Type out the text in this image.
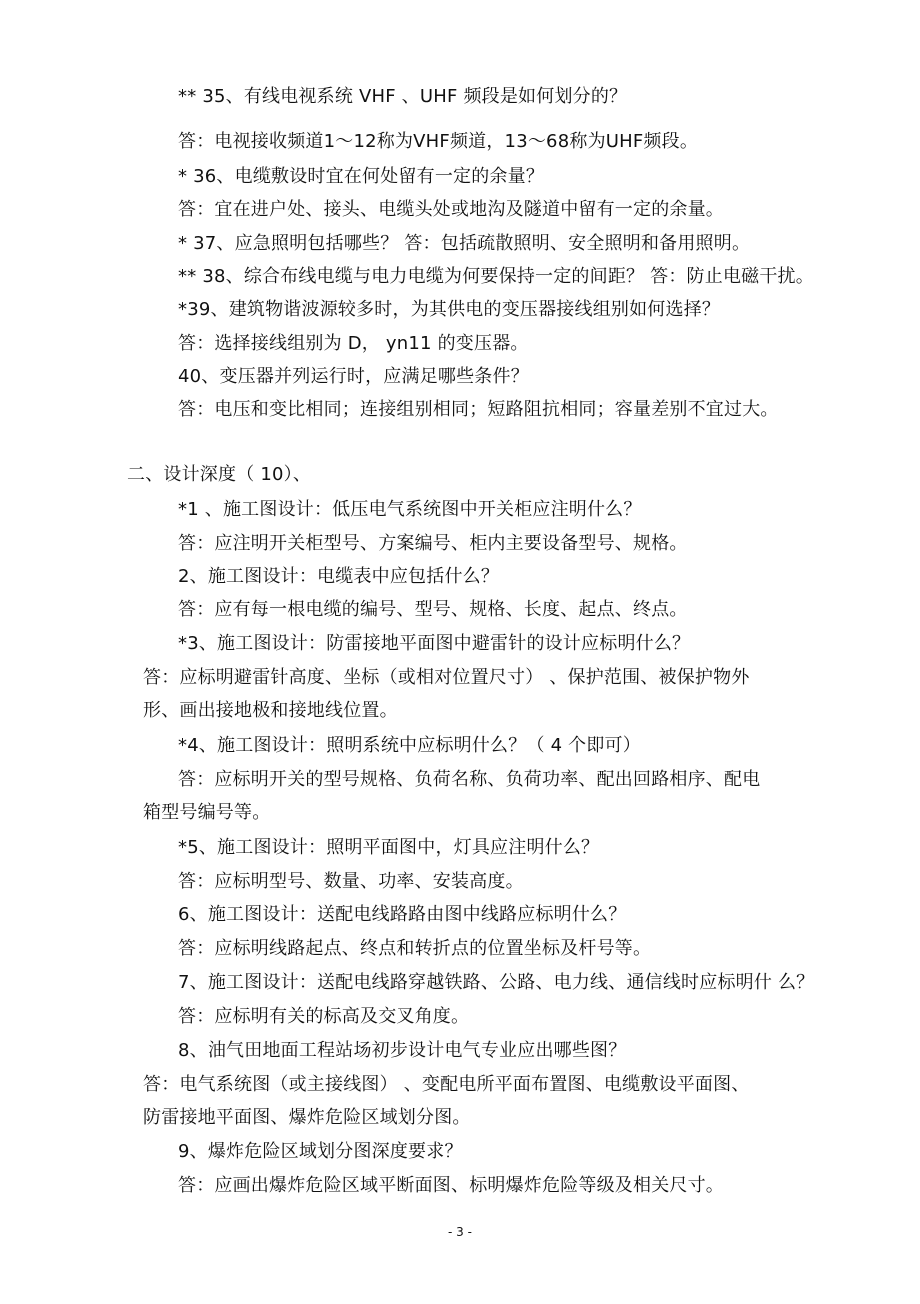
** 35、有线电视系统 VHF 、UHF 频段是如何划分的？
答：电视接收频道1～12称为VHF频道，13～68称为UHF频段。
* 36、电缆敷设时宜在何处留有一定的余量？
答：宜在进户处、接头、电缆头处或地沟及隧道中留有一定的余量。
* 37、应急照明包括哪些？ 答：包括疏散照明、安全照明和备用照明。
** 38、综合布线电缆与电力电缆为何要保持一定的间距？ 答：防止电磁干扰。
*39、建筑物谐波源较多时，为其供电的变压器接线组别如何选择？
答：选择接线组别为 D， yn11 的变压器。
40、变压器并列运行时，应满足哪些条件？
答：电压和变比相同；连接组别相同；短路阻抗相同；容量差别不宜过大。
二、设计深度（ 10）、
*1 、施工图设计：低压电气系统图中开关柜应注明什么？
答：应注明开关柜型号、方案编号、柜内主要设备型号、规格。
2、施工图设计：电缆表中应包括什么？
答：应有每一根电缆的编号、型号、规格、长度、起点、终点。
*3、施工图设计：防雷接地平面图中避雷针的设计应标明什么？
答：应标明避雷针高度、坐标（或相对位置尺寸） 、保护范围、被保护物外
形、画出接地极和接地线位置。
*4、施工图设计：照明系统中应标明什么？（ 4 个即可）
答：应标明开关的型号规格、负荷名称、负荷功率、配出回路相序、配电
箱型号编号等。
*5、施工图设计：照明平面图中，灯具应注明什么？
答：应标明型号、数量、功率、安装高度。
6、施工图设计：送配电线路路由图中线路应标明什么？
答：应标明线路起点、终点和转折点的位置坐标及杆号等。
7、施工图设计：送配电线路穿越铁路、公路、电力线、通信线时应标明什 么？
答：应标明有关的标高及交叉角度。
8、油气田地面工程站场初步设计电气专业应出哪些图？
答：电气系统图（或主接线图） 、变配电所平面布置图、电缆敷设平面图、
防雷接地平面图、爆炸危险区域划分图。
9、爆炸危险区域划分图深度要求？
答：应画出爆炸危险区域平断面图、标明爆炸危险等级及相关尺寸。
- 3 -
